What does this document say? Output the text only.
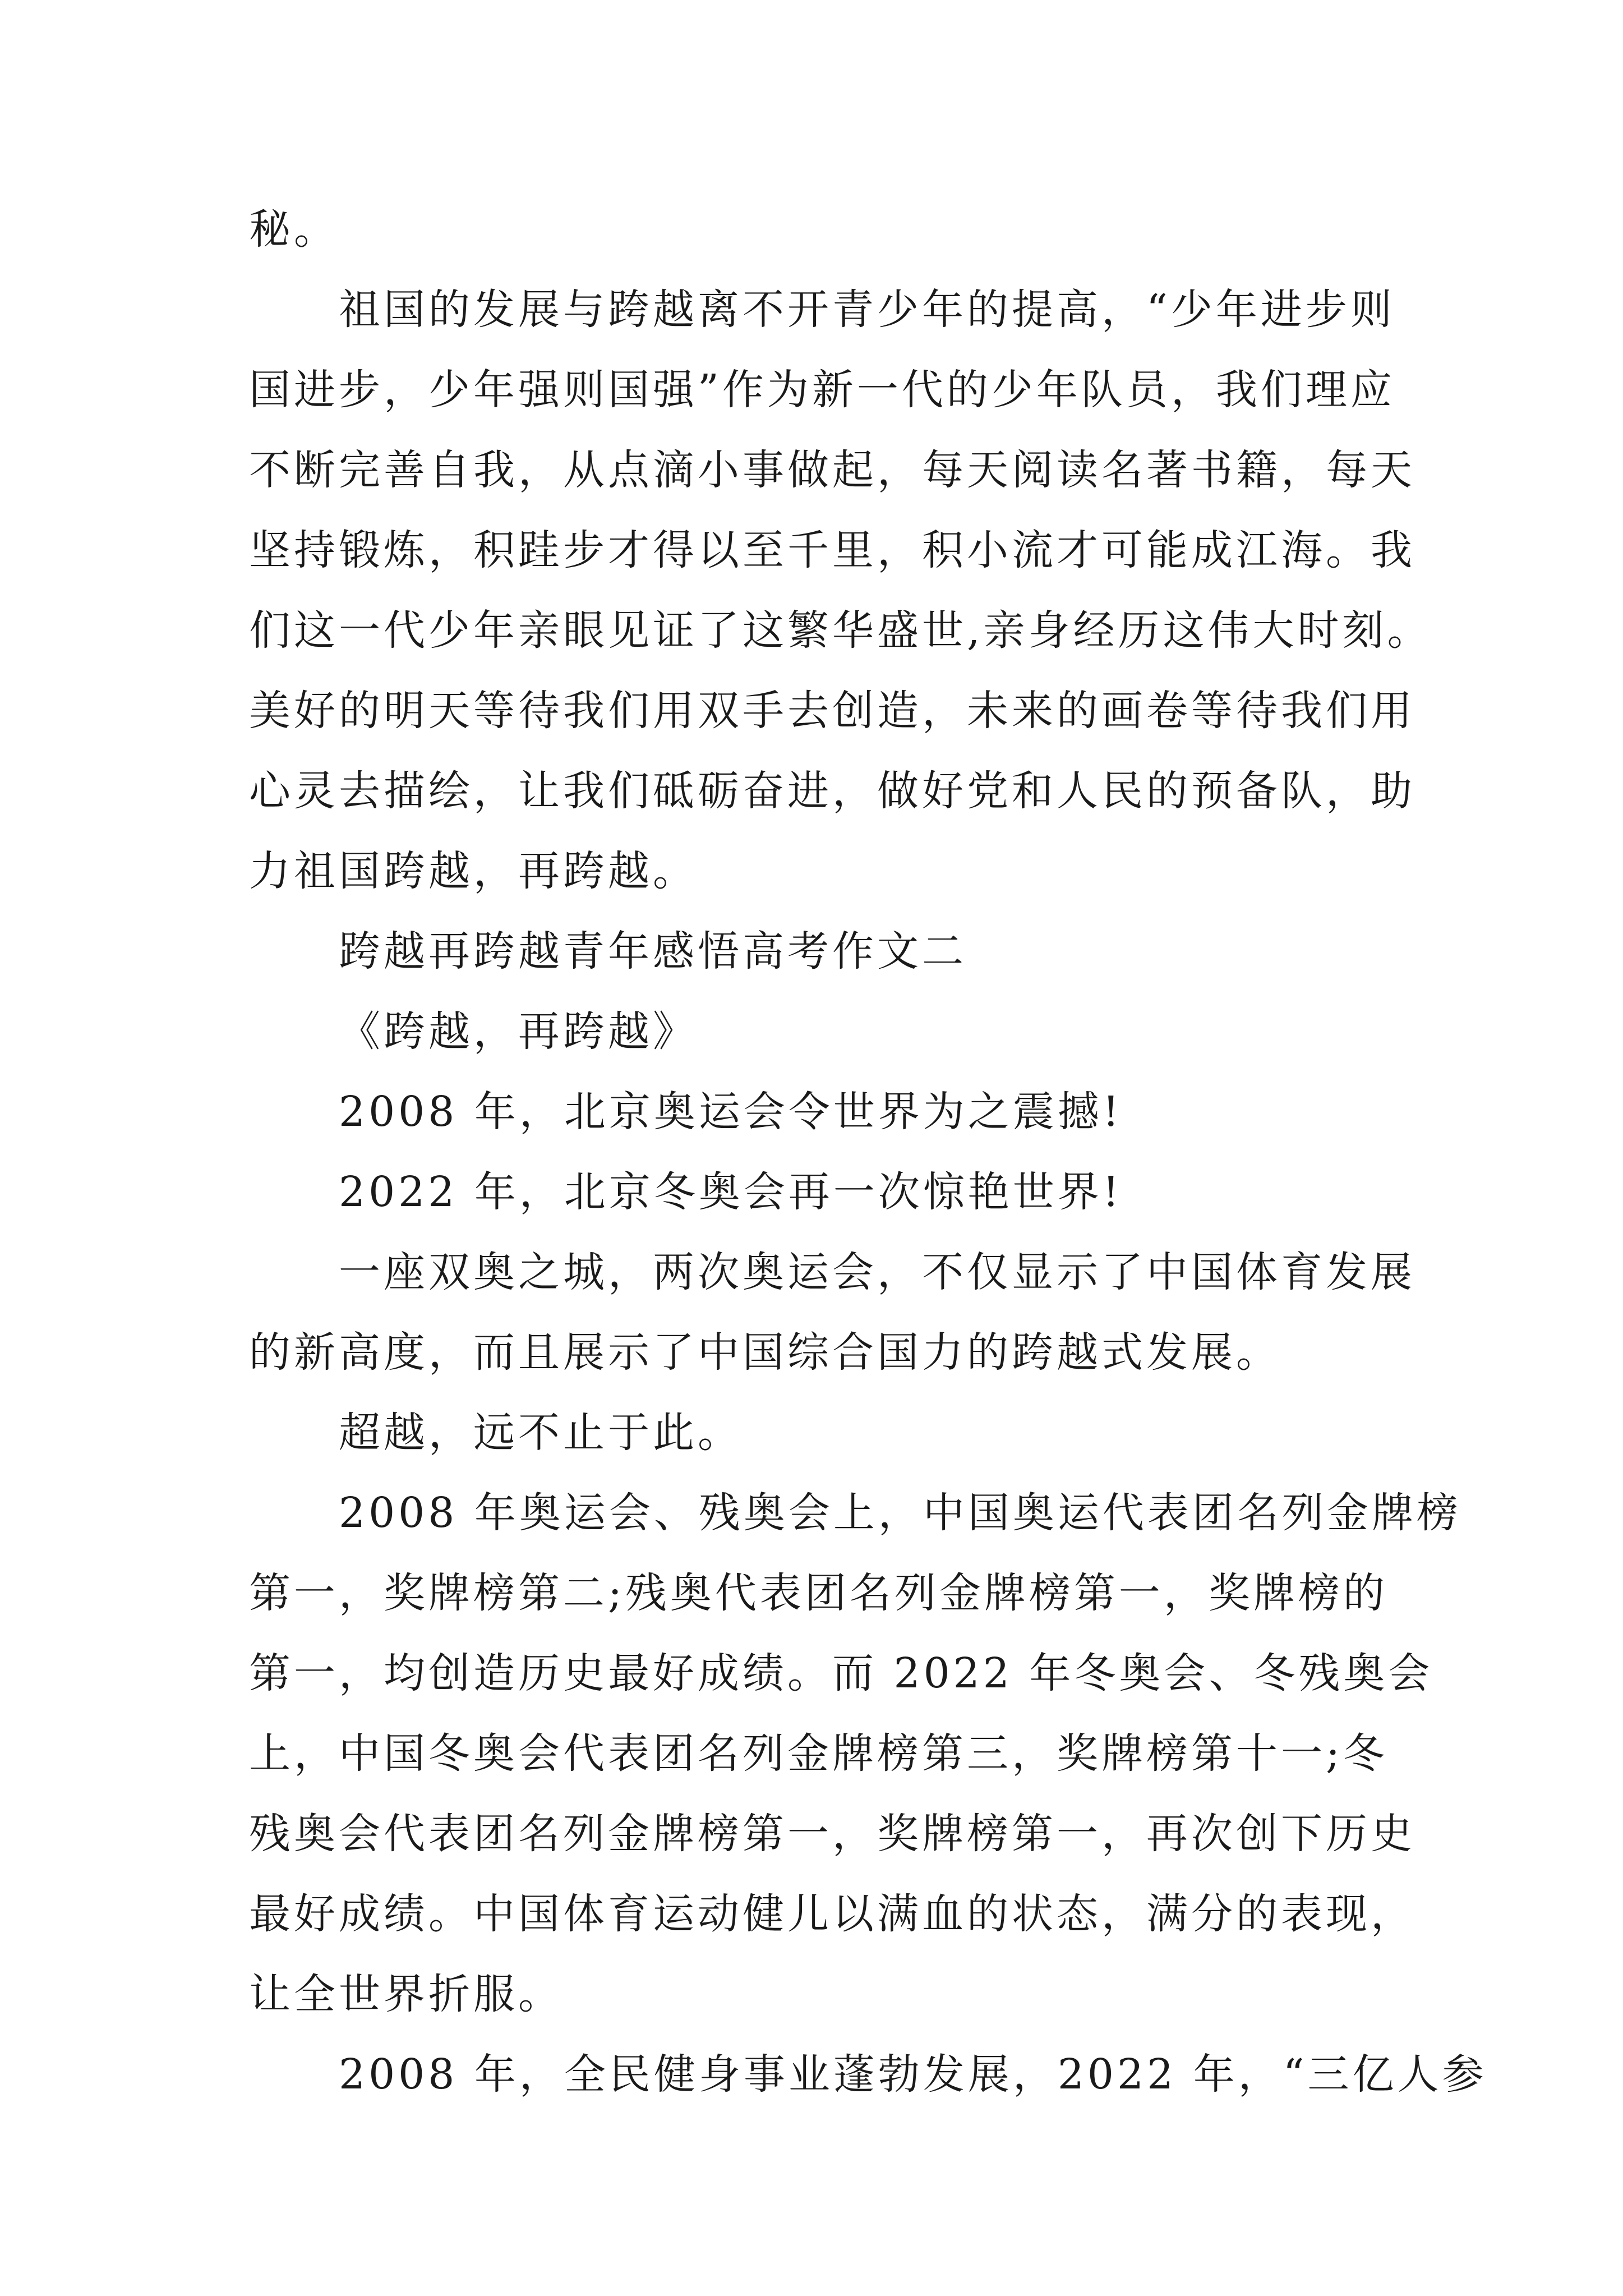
秘。
祖国的发展与跨越离不开青少年的提高，“少年进步则
国进步，少年强则国强”作为新一代的少年队员，我们理应
不断完善自我，从点滴小事做起，每天阅读名著书籍，每天
坚持锻炼，积跬步才得以至千里，积小流才可能成江海。我
们这一代少年亲眼见证了这繁华盛世,亲身经历这伟大时刻。
美好的明天等待我们用双手去创造，未来的画卷等待我们用
心灵去描绘，让我们砥砺奋进，做好党和人民的预备队，助
力祖国跨越，再跨越。
跨越再跨越青年感悟高考作文二
《跨越，再跨越》
2008 年，北京奥运会令世界为之震撼!
2022 年，北京冬奥会再一次惊艳世界!
一座双奥之城，两次奥运会，不仅显示了中国体育发展
的新高度，而且展示了中国综合国力的跨越式发展。
超越，远不止于此。
2008 年奥运会、残奥会上，中国奥运代表团名列金牌榜
第一，奖牌榜第二;残奥代表团名列金牌榜第一，奖牌榜的
第一，均创造历史最好成绩。而 2022 年冬奥会、冬残奥会
上，中国冬奥会代表团名列金牌榜第三，奖牌榜第十一;冬
残奥会代表团名列金牌榜第一，奖牌榜第一，再次创下历史
最好成绩。中国体育运动健儿以满血的状态，满分的表现，
让全世界折服。
2008 年，全民健身事业蓬勃发展，2022 年，“三亿人参
